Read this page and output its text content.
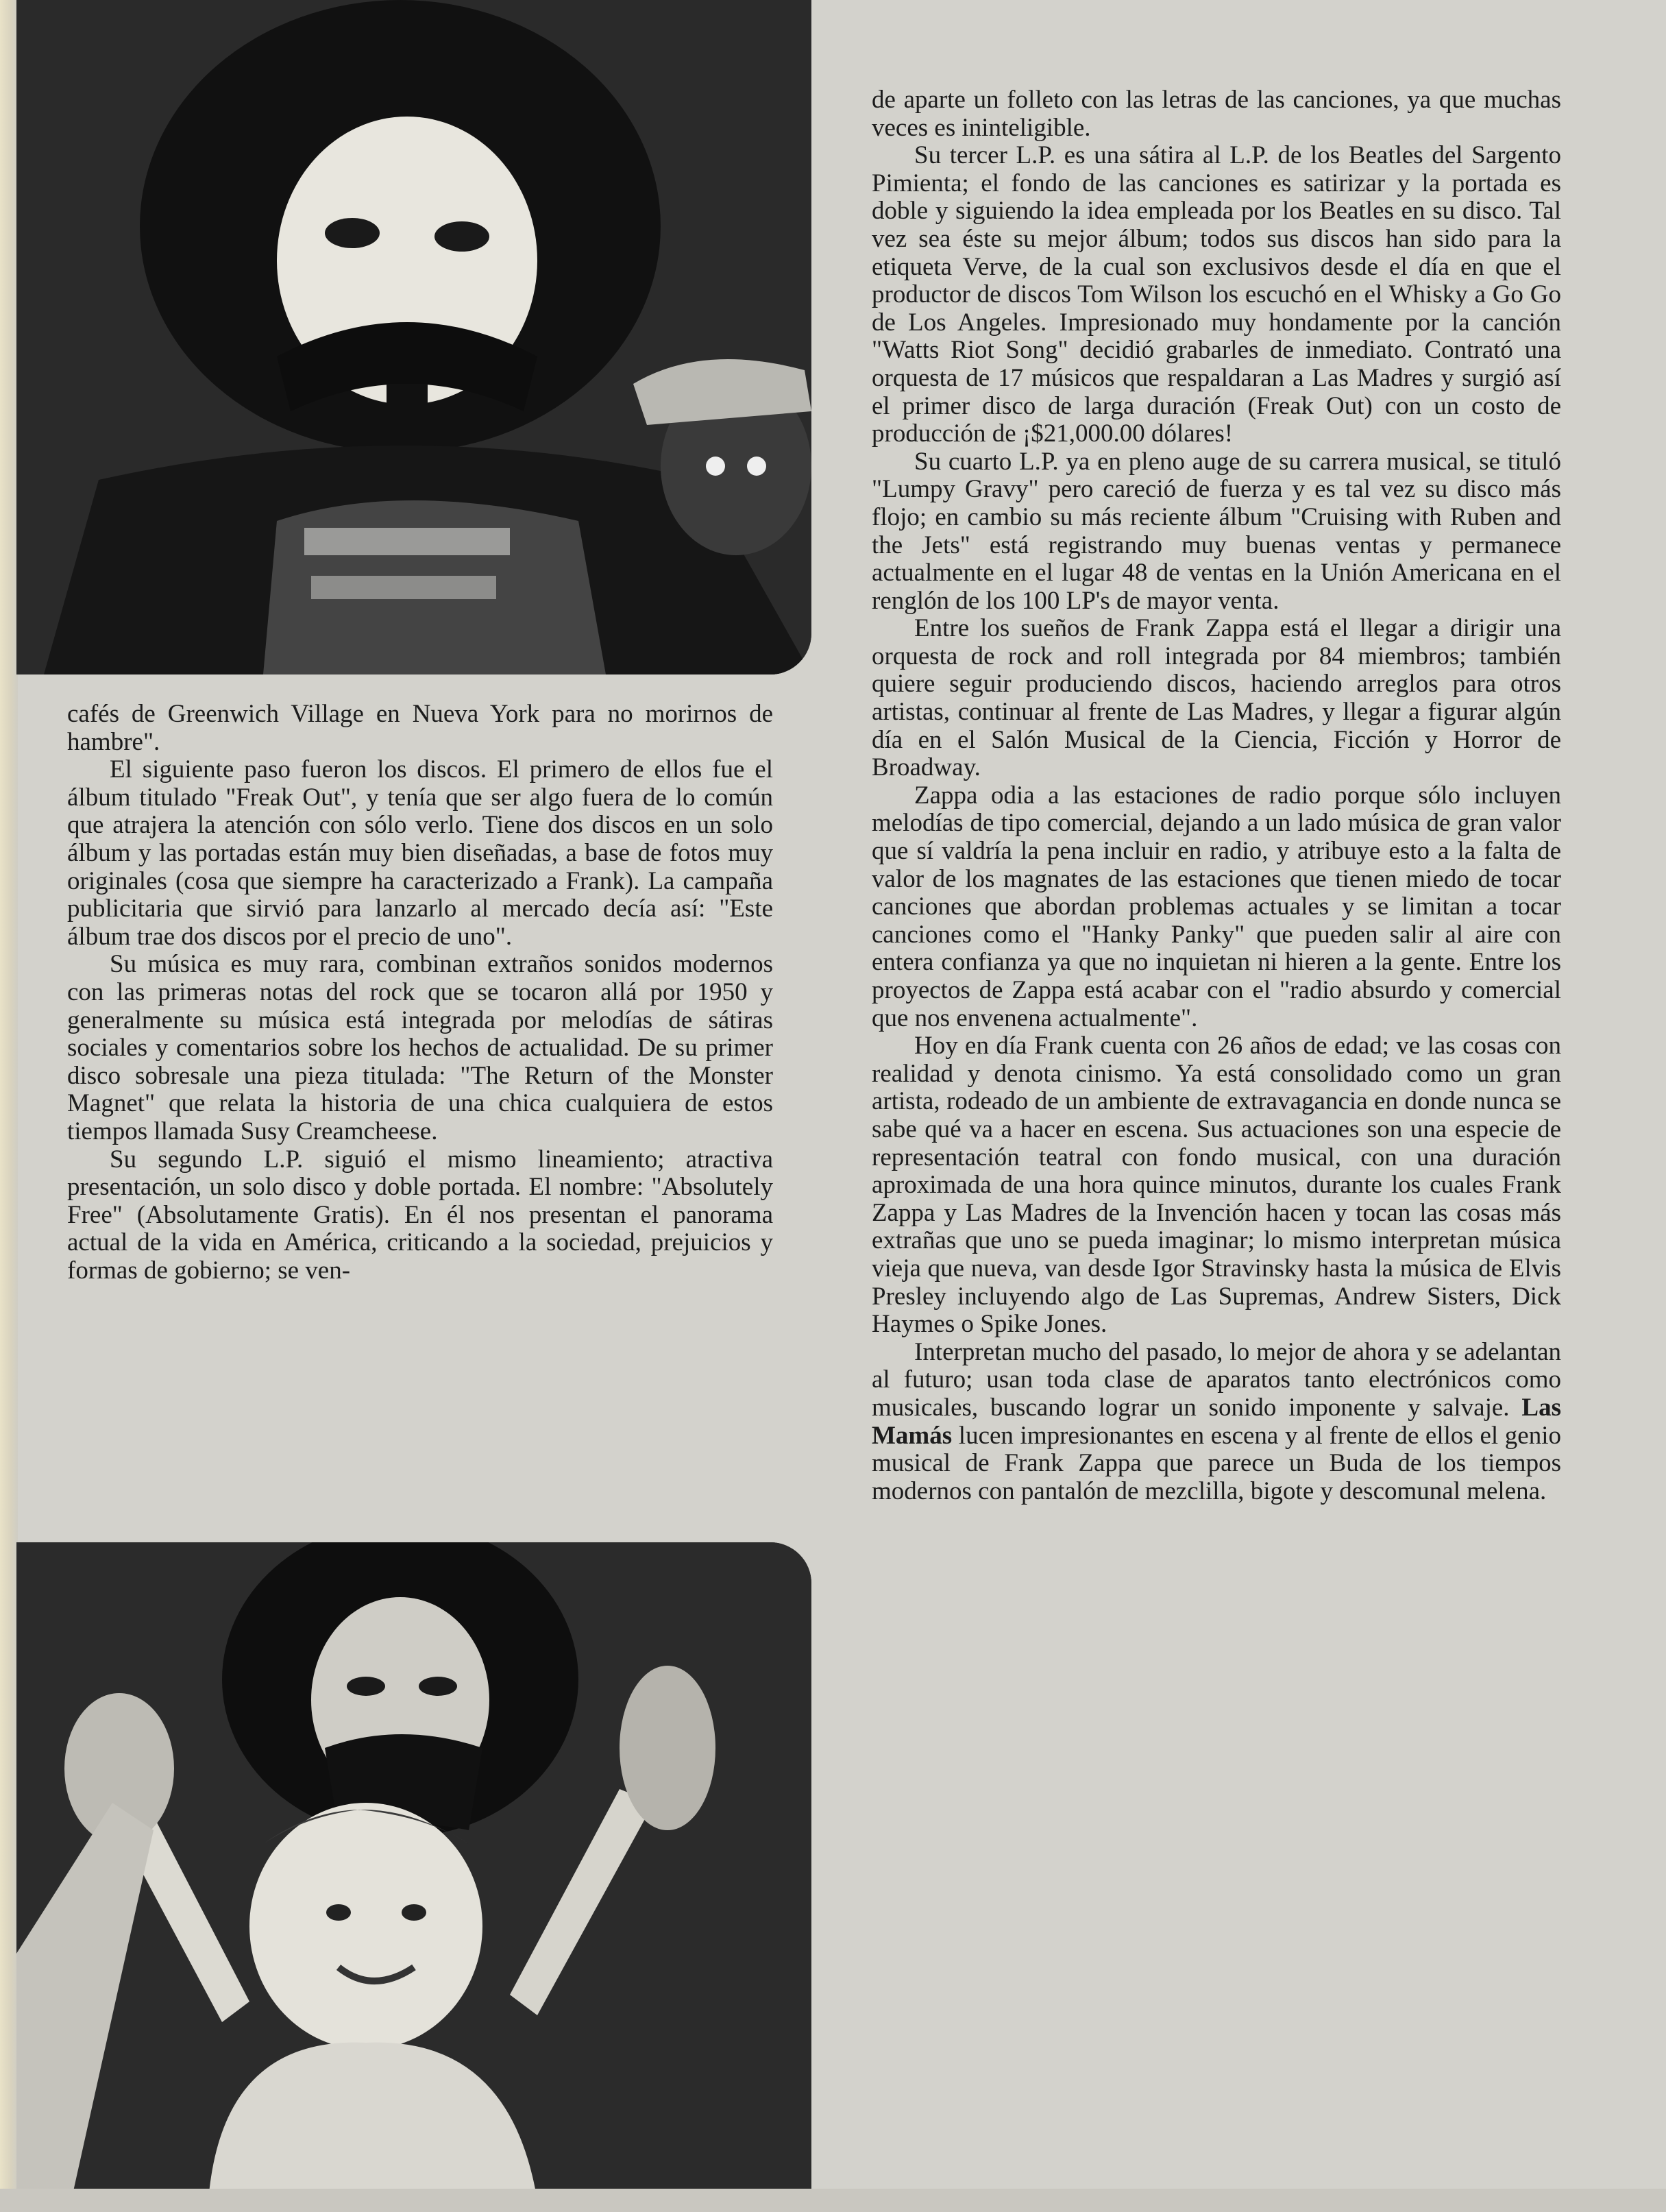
cafés de Greenwich Village en Nueva York para no morirnos de hambre".

El siguiente paso fueron los discos. El primero de ellos fue el álbum titulado "Freak Out", y tenía que ser algo fuera de lo común que atrajera la atención con sólo verlo. Tiene dos discos en un solo álbum y las portadas están muy bien diseñadas, a base de fotos muy originales (cosa que siempre ha caracterizado a Frank). La campaña publicitaria que sirvió para lanzarlo al mercado decía así: "Este álbum trae dos discos por el precio de uno".

Su música es muy rara, combinan extraños sonidos modernos con las primeras notas del rock que se tocaron allá por 1950 y generalmente su música está integrada por melodías de sátiras sociales y comentarios sobre los hechos de actualidad. De su primer disco sobresale una pieza titulada: "The Return of the Monster Magnet" que relata la historia de una chica cualquiera de estos tiempos llamada Susy Creamcheese.

Su segundo L.P. siguió el mismo lineamiento; atractiva presentación, un solo disco y doble portada. El nombre: "Absolutely Free" (Absolutamente Gratis). En él nos presentan el panorama actual de la vida en América, criticando a la sociedad, prejuicios y formas de gobierno; se ven-

de aparte un folleto con las letras de las canciones, ya que muchas veces es ininteligible.

Su tercer L.P. es una sátira al L.P. de los Beatles del Sargento Pimienta; el fondo de las canciones es satirizar y la portada es doble y siguiendo la idea empleada por los Beatles en su disco. Tal vez sea éste su mejor álbum; todos sus discos han sido para la etiqueta Verve, de la cual son exclusivos desde el día en que el productor de discos Tom Wilson los escuchó en el Whisky a Go Go de Los Angeles. Impresionado muy hondamente por la canción "Watts Riot Song" decidió grabarles de inmediato. Contrató una orquesta de 17 músicos que respaldaran a Las Madres y surgió así el primer disco de larga duración (Freak Out) con un costo de producción de ¡$21,000.00 dólares!

Su cuarto L.P. ya en pleno auge de su carrera musical, se tituló "Lumpy Gravy" pero careció de fuerza y es tal vez su disco más flojo; en cambio su más reciente álbum "Cruising with Ruben and the Jets" está registrando muy buenas ventas y permanece actualmente en el lugar 48 de ventas en la Unión Americana en el renglón de los 100 LP's de mayor venta.

Entre los sueños de Frank Zappa está el llegar a dirigir una orquesta de rock and roll integrada por 84 miembros; también quiere seguir produciendo discos, haciendo arreglos para otros artistas, continuar al frente de Las Madres, y llegar a figurar algún día en el Salón Musical de la Ciencia, Ficción y Horror de Broadway.

Zappa odia a las estaciones de radio porque sólo incluyen melodías de tipo comercial, dejando a un lado música de gran valor que sí valdría la pena incluir en radio, y atribuye esto a la falta de valor de los magnates de las estaciones que tienen miedo de tocar canciones que abordan problemas actuales y se limitan a tocar canciones como el "Hanky Panky" que pueden salir al aire con entera confianza ya que no inquietan ni hieren a la gente. Entre los proyectos de Zappa está acabar con el "radio absurdo y comercial que nos envenena actualmente".

Hoy en día Frank cuenta con 26 años de edad; ve las cosas con realidad y denota cinismo. Ya está consolidado como un gran artista, rodeado de un ambiente de extravagancia en donde nunca se sabe qué va a hacer en escena. Sus actuaciones son una especie de representación teatral con fondo musical, con una duración aproximada de una hora quince minutos, durante los cuales Frank Zappa y Las Madres de la Invención hacen y tocan las cosas más extrañas que uno se pueda imaginar; lo mismo interpretan música vieja que nueva, van desde Igor Stravinsky hasta la música de Elvis Presley incluyendo algo de Las Supremas, Andrew Sisters, Dick Haymes o Spike Jones.

Interpretan mucho del pasado, lo mejor de ahora y se adelantan al futuro; usan toda clase de aparatos tanto electrónicos como musicales, buscando lograr un sonido imponente y salvaje. Las Mamás lucen impresionantes en escena y al frente de ellos el genio musical de Frank Zappa que parece un Buda de los tiempos modernos con pantalón de mezclilla, bigote y descomunal melena.
